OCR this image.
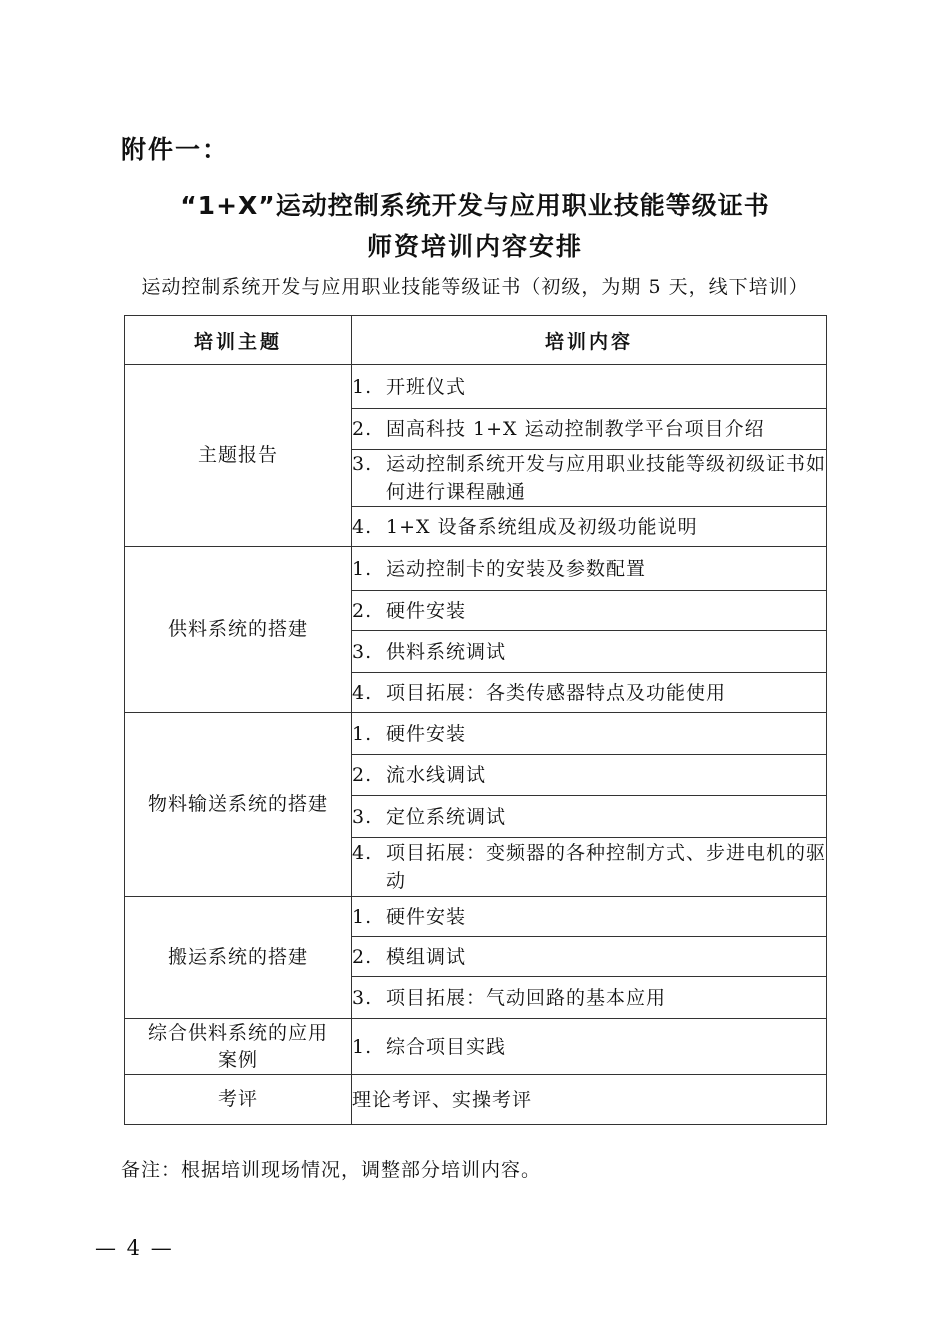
附件一：
“1+X”运动控制系统开发与应用职业技能等级证书
师资培训内容安排
运动控制系统开发与应用职业技能等级证书（初级，为期 5 天，线下培训）
培训主题	培训内容
主题报告	1. 开班仪式

	2. 固高科技 1+X 运动控制教学平台项目介绍

	3. 运动控制系统开发与应用职业技能等级初级证书如何进行课程融通

	4. 1+X 设备系统组成及初级功能说明

供料系统的搭建	1. 运动控制卡的安装及参数配置

	2. 硬件安装

	3. 供料系统调试

	4. 项目拓展：各类传感器特点及功能使用

物料输送系统的搭建	1. 硬件安装

	2. 流水线调试

	3. 定位系统调试

	4. 项目拓展：变频器的各种控制方式、步进电机的驱动

搬运系统的搭建	1. 硬件安装

	2. 模组调试

	3. 项目拓展：气动回路的基本应用

综合供料系统的应用案例	1. 综合项目实践

考评	理论考评、实操考评
备注：根据培训现场情况，调整部分培训内容。
— 4 —
